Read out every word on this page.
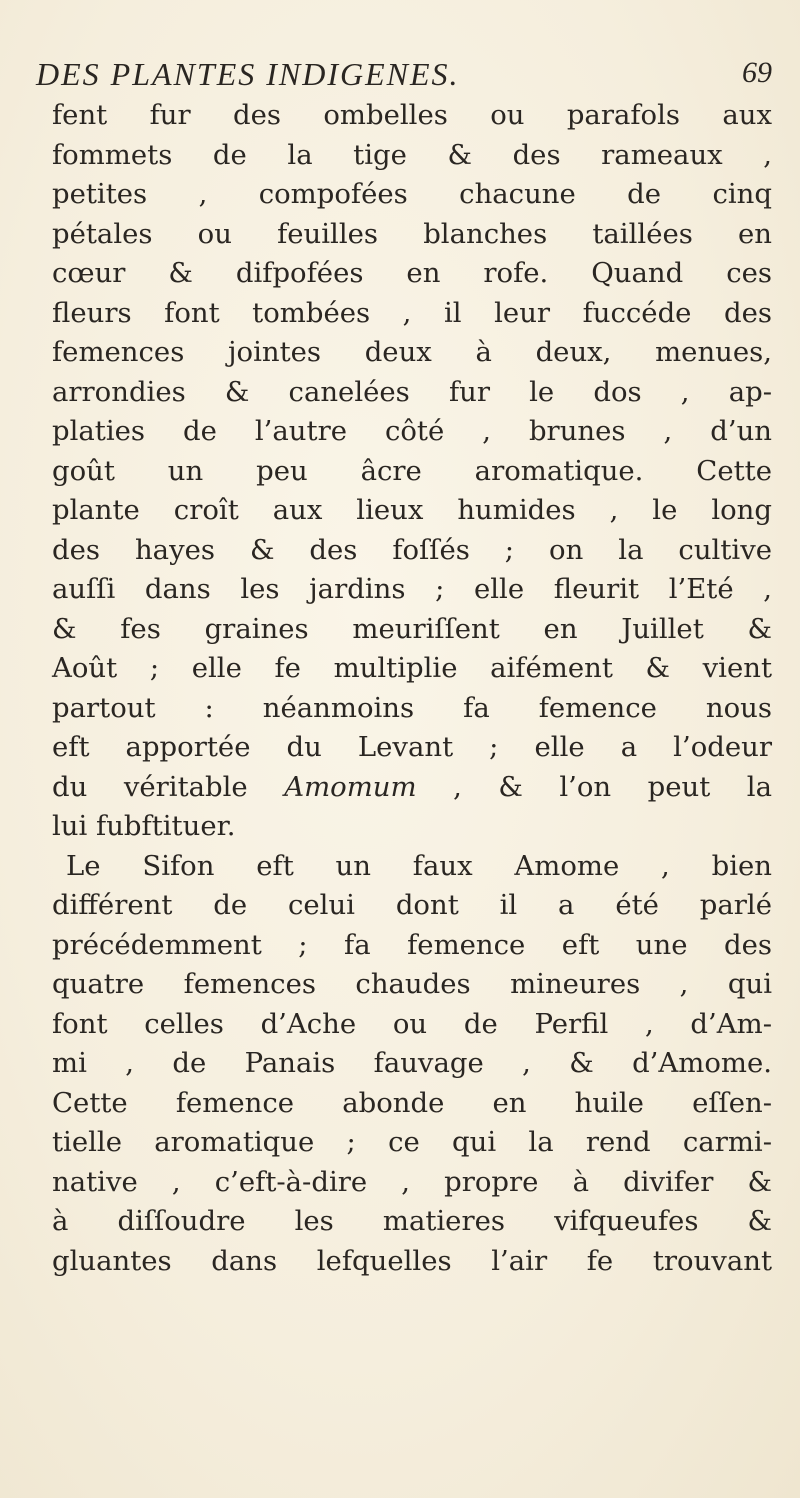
DES PLANTES INDIGENES.	69
fent fur des ombelles ou parafols aux
fommets de la tige & des rameaux ,
petites , compofées chacune de cinq
pétales ou feuilles blanches taillées en
cœur & difpofées en rofe. Quand ces
fleurs font tombées , il leur fuccéde des
femences jointes deux à deux, menues,
arrondies & canelées fur le dos , ap-
platies de l’autre côté , brunes , d’un
goût un peu âcre aromatique. Cette
plante croît aux lieux humides , le long
des hayes & des foſſés ; on la cultive
auſſi dans les jardins ; elle fleurit l’Eté ,
& fes graines meuriſſent en Juillet &
Août ; elle fe multiplie aifément & vient
partout : néanmoins fa femence nous
eft apportée du Levant ; elle a l’odeur
du véritable Amomum , & l’on peut la
lui fubftituer.
Le Sifon eft un faux Amome , bien
différent de celui dont il a été parlé
précédemment ; fa femence eft une des
quatre femences chaudes mineures , qui
font celles d’Ache ou de Perfil , d’Am-
mi , de Panais fauvage , & d’Amome.
Cette femence abonde en huile eſſen-
tielle aromatique ; ce qui la rend carmi-
native , c’eft-à-dire , propre à divifer &
à diſſoudre les matieres vifqueufes &
gluantes dans lefquelles l’air fe trouvant
